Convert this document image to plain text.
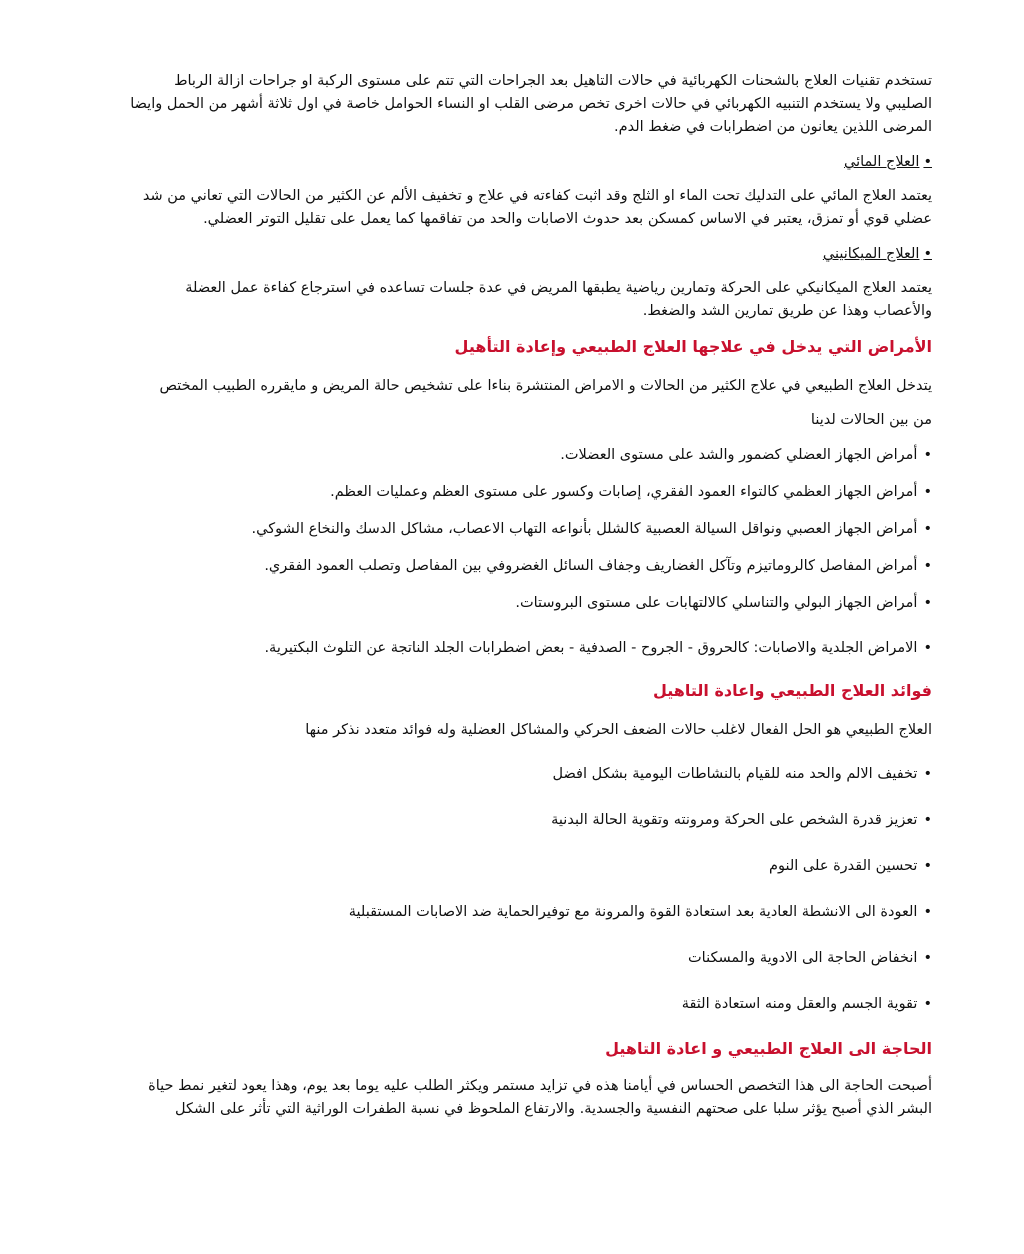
تستخدم تقنيات العلاج بالشحنات الكهربائية في حالات التاهيل بعد الجراحات التي تتم على مستوى الركبة او جراحات ازالة الرباط الصليبي ولا يستخدم التنبيه الكهربائي في حالات اخرى تخص مرضى القلب او النساء الحوامل خاصة في اول ثلاثة أشهر من الحمل وايضا المرضى اللذين يعانون من اضطرابات في ضغط الدم.

•العلاج المائي

يعتمد العلاج المائي على التدليك تحت الماء او الثلج وقد اثبت كفاءته في علاج و تخفيف الألم عن الكثير من الحالات التي تعاني من شد عضلي قوي أو تمزق، يعتبر في الاساس كمسكن بعد حدوث الاصابات والحد من تفاقمها كما يعمل على تقليل التوتر العضلي.

•العلاج الميكانيني

يعتمد العلاج الميكانيكي على الحركة وتمارين رياضية يطبقها المريض في عدة جلسات تساعده في استرجاع كفاءة عمل العضلة والأعصاب وهذا عن طريق تمارين الشد والضغط.

الأمراض التي يدخل في علاجها العلاج الطبيعي وإعادة التأهيل

يتدخل العلاج الطبيعي في علاج الكثير من الحالات و الامراض المنتشرة بناءا على تشخيص حالة المريض و مايقرره الطبيب المختص

من بين الحالات لدينا

•أمراض الجهاز العضلي كضمور والشد على مستوى العضلات.
•أمراض الجهاز العظمي كالتواء العمود الفقري، إصابات وكسور على مستوى العظم وعمليات العظم.
•أمراض الجهاز العصبي ونواقل السيالة العصبية كالشلل بأنواعه التهاب الاعصاب، مشاكل الدسك والنخاع الشوكي.
•أمراض المفاصل كالروماتيزم وتآكل الغضاريف وجفاف السائل الغضروفي بين المفاصل وتصلب العمود الفقري.
•أمراض الجهاز البولي والتناسلي كالالتهابات على مستوى البروستات.
•الامراض الجلدية والاصابات: كالحروق - الجروح - الصدفية - بعض اضطرابات الجلد الناتجة عن التلوث البكتيرية.

فوائد العلاج الطبيعي واعادة التاهيل

العلاج الطبيعي هو الحل الفعال لاغلب حالات الضعف الحركي والمشاكل العضلية وله فوائد متعدد نذكر منها

•تخفيف الالم والحد منه للقيام بالنشاطات اليومية بشكل افضل
•تعزيز قدرة الشخص على الحركة ومرونته وتقوية الحالة البدنية
•تحسين القدرة على النوم
•العودة الى الانشطة العادية بعد استعادة القوة والمرونة مع توفيرالحماية ضد الاصابات المستقبلية
•انخفاض الحاجة الى الادوية والمسكنات
•تقوية الجسم والعقل ومنه استعادة الثقة

الحاجة الى العلاج الطبيعي و اعادة التاهيل

أصبحت الحاجة الى هذا التخصص الحساس في أيامنا هذه في تزايد مستمر ويكثر الطلب عليه يوما بعد يوم، وهذا يعود لتغير نمط حياة البشر الذي أصبح يؤثر سلبا على صحتهم النفسية والجسدية. والارتفاع الملحوظ في نسبة الطفرات الوراثية التي تأثر على الشكل
